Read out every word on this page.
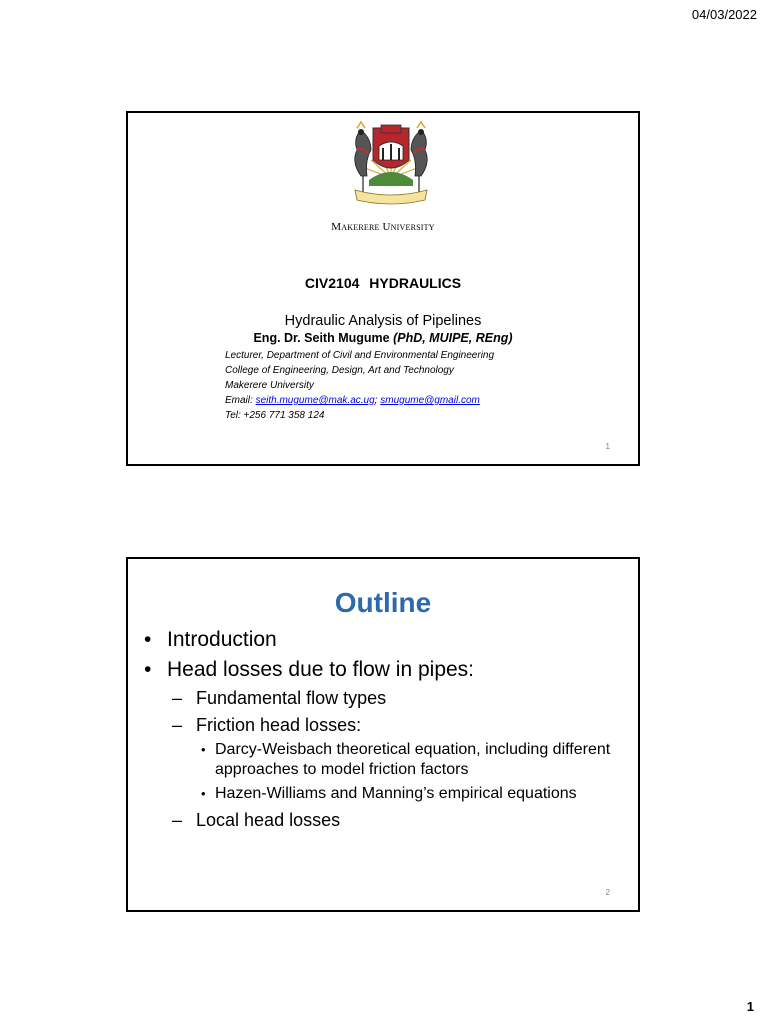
04/03/2022
Makerere University
CIV2104 HYDRAULICS
Hydraulic Analysis of Pipelines
Eng. Dr. Seith Mugume (PhD, MUIPE, REng)
Lecturer, Department of Civil and Environmental Engineering
College of Engineering, Design, Art and Technology
Makerere University
Email: seith.mugume@mak.ac.ug; smugume@gmail.com
Tel: +256 771 358 124
1
Outline
• Introduction
• Head losses due to flow in pipes:
– Fundamental flow types
– Friction head losses:
• Darcy-Weisbach theoretical equation, including different approaches to model friction factors
• Hazen-Williams and Manning’s empirical equations
– Local head losses
2
1
